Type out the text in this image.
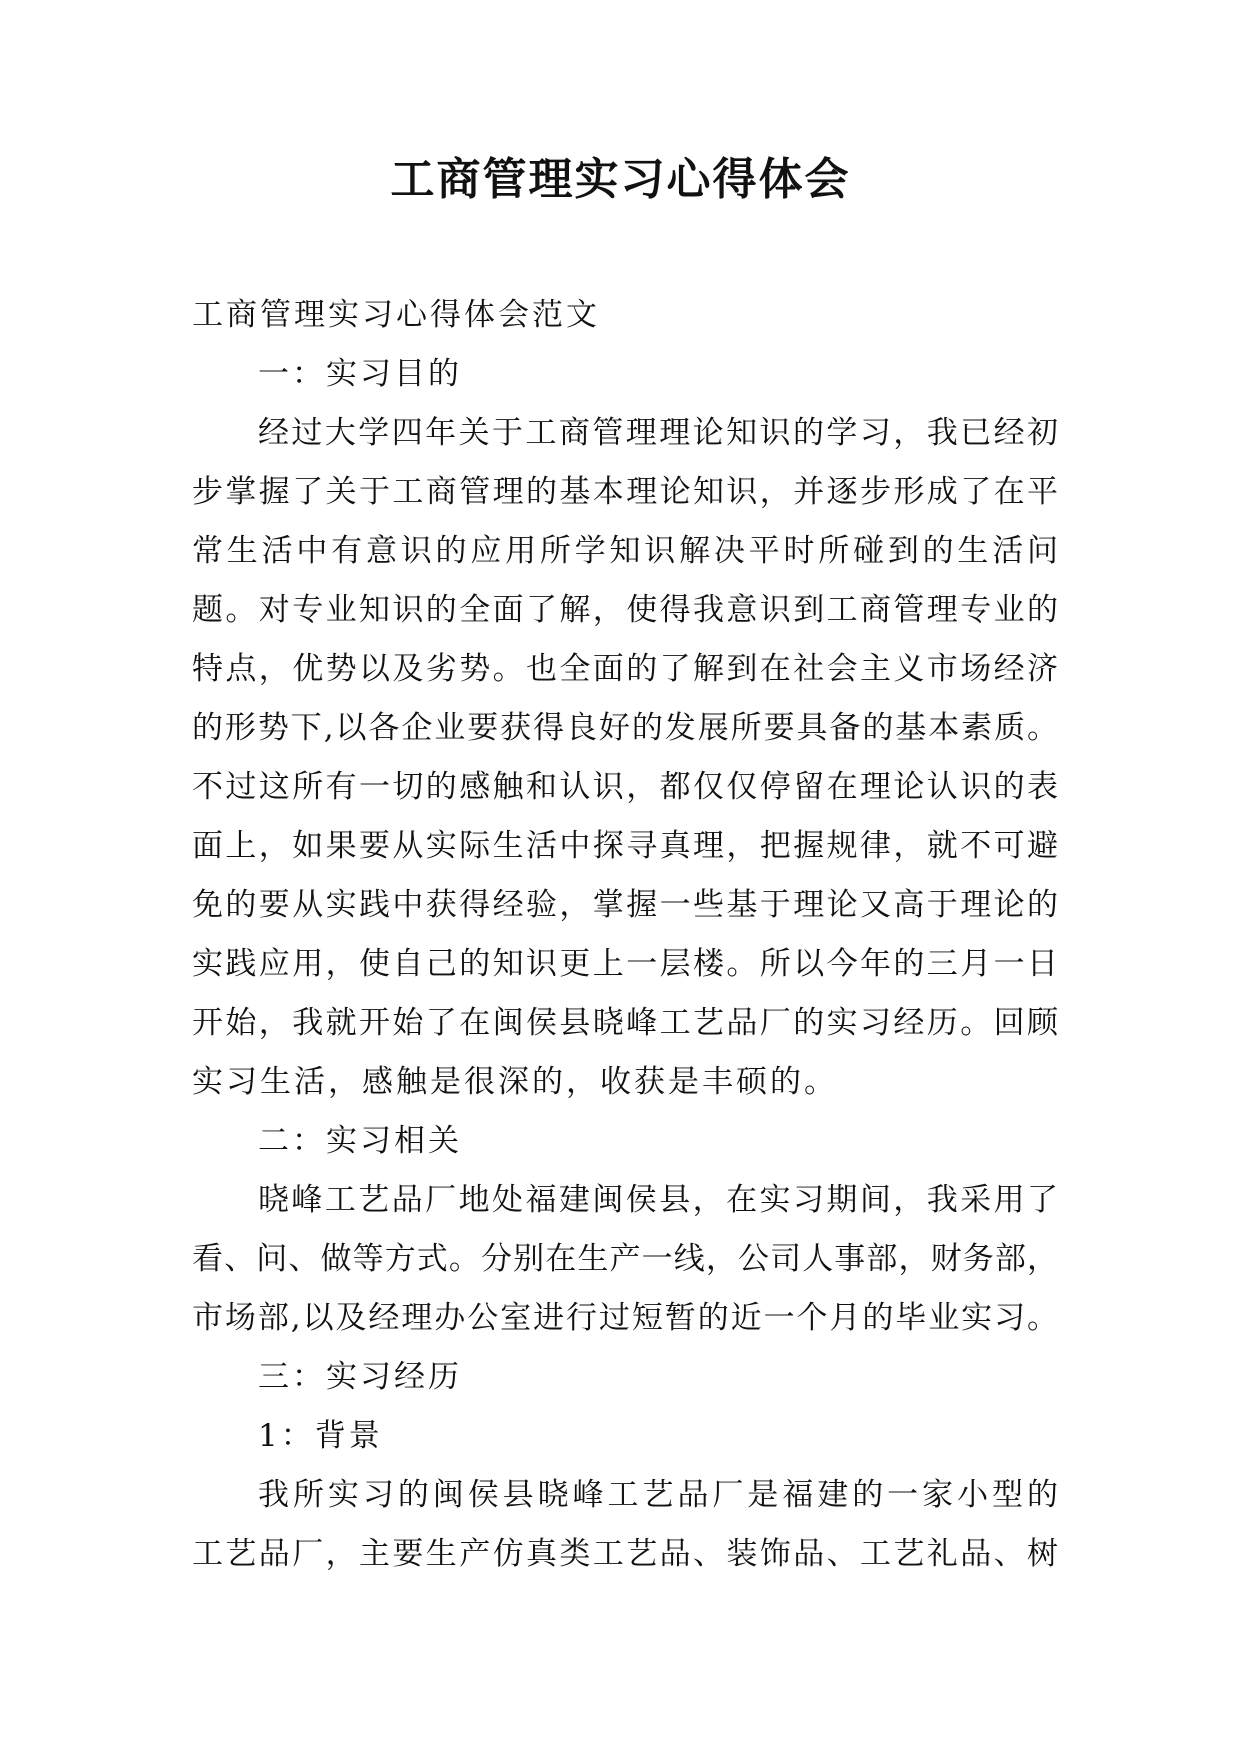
工商管理实习心得体会
工商管理实习心得体会范文
一：实习目的
经过大学四年关于工商管理理论知识的学习，我已经初
步掌握了关于工商管理的基本理论知识，并逐步形成了在平
常生活中有意识的应用所学知识解决平时所碰到的生活问
题。对专业知识的全面了解，使得我意识到工商管理专业的
特点，优势以及劣势。也全面的了解到在社会主义市场经济
的形势下,以各企业要获得良好的发展所要具备的基本素质。
不过这所有一切的感触和认识，都仅仅停留在理论认识的表
面上，如果要从实际生活中探寻真理，把握规律，就不可避
免的要从实践中获得经验，掌握一些基于理论又高于理论的
实践应用，使自己的知识更上一层楼。所以今年的三月一日
开始，我就开始了在闽侯县晓峰工艺品厂的实习经历。回顾
实习生活，感触是很深的，收获是丰硕的。
二：实习相关
晓峰工艺品厂地处福建闽侯县，在实习期间，我采用了
看、问、做等方式。分别在生产一线，公司人事部，财务部，
市场部,以及经理办公室进行过短暂的近一个月的毕业实习。
三：实习经历
1：背景
我所实习的闽侯县晓峰工艺品厂是福建的一家小型的
工艺品厂，主要生产仿真类工艺品、装饰品、工艺礼品、树
